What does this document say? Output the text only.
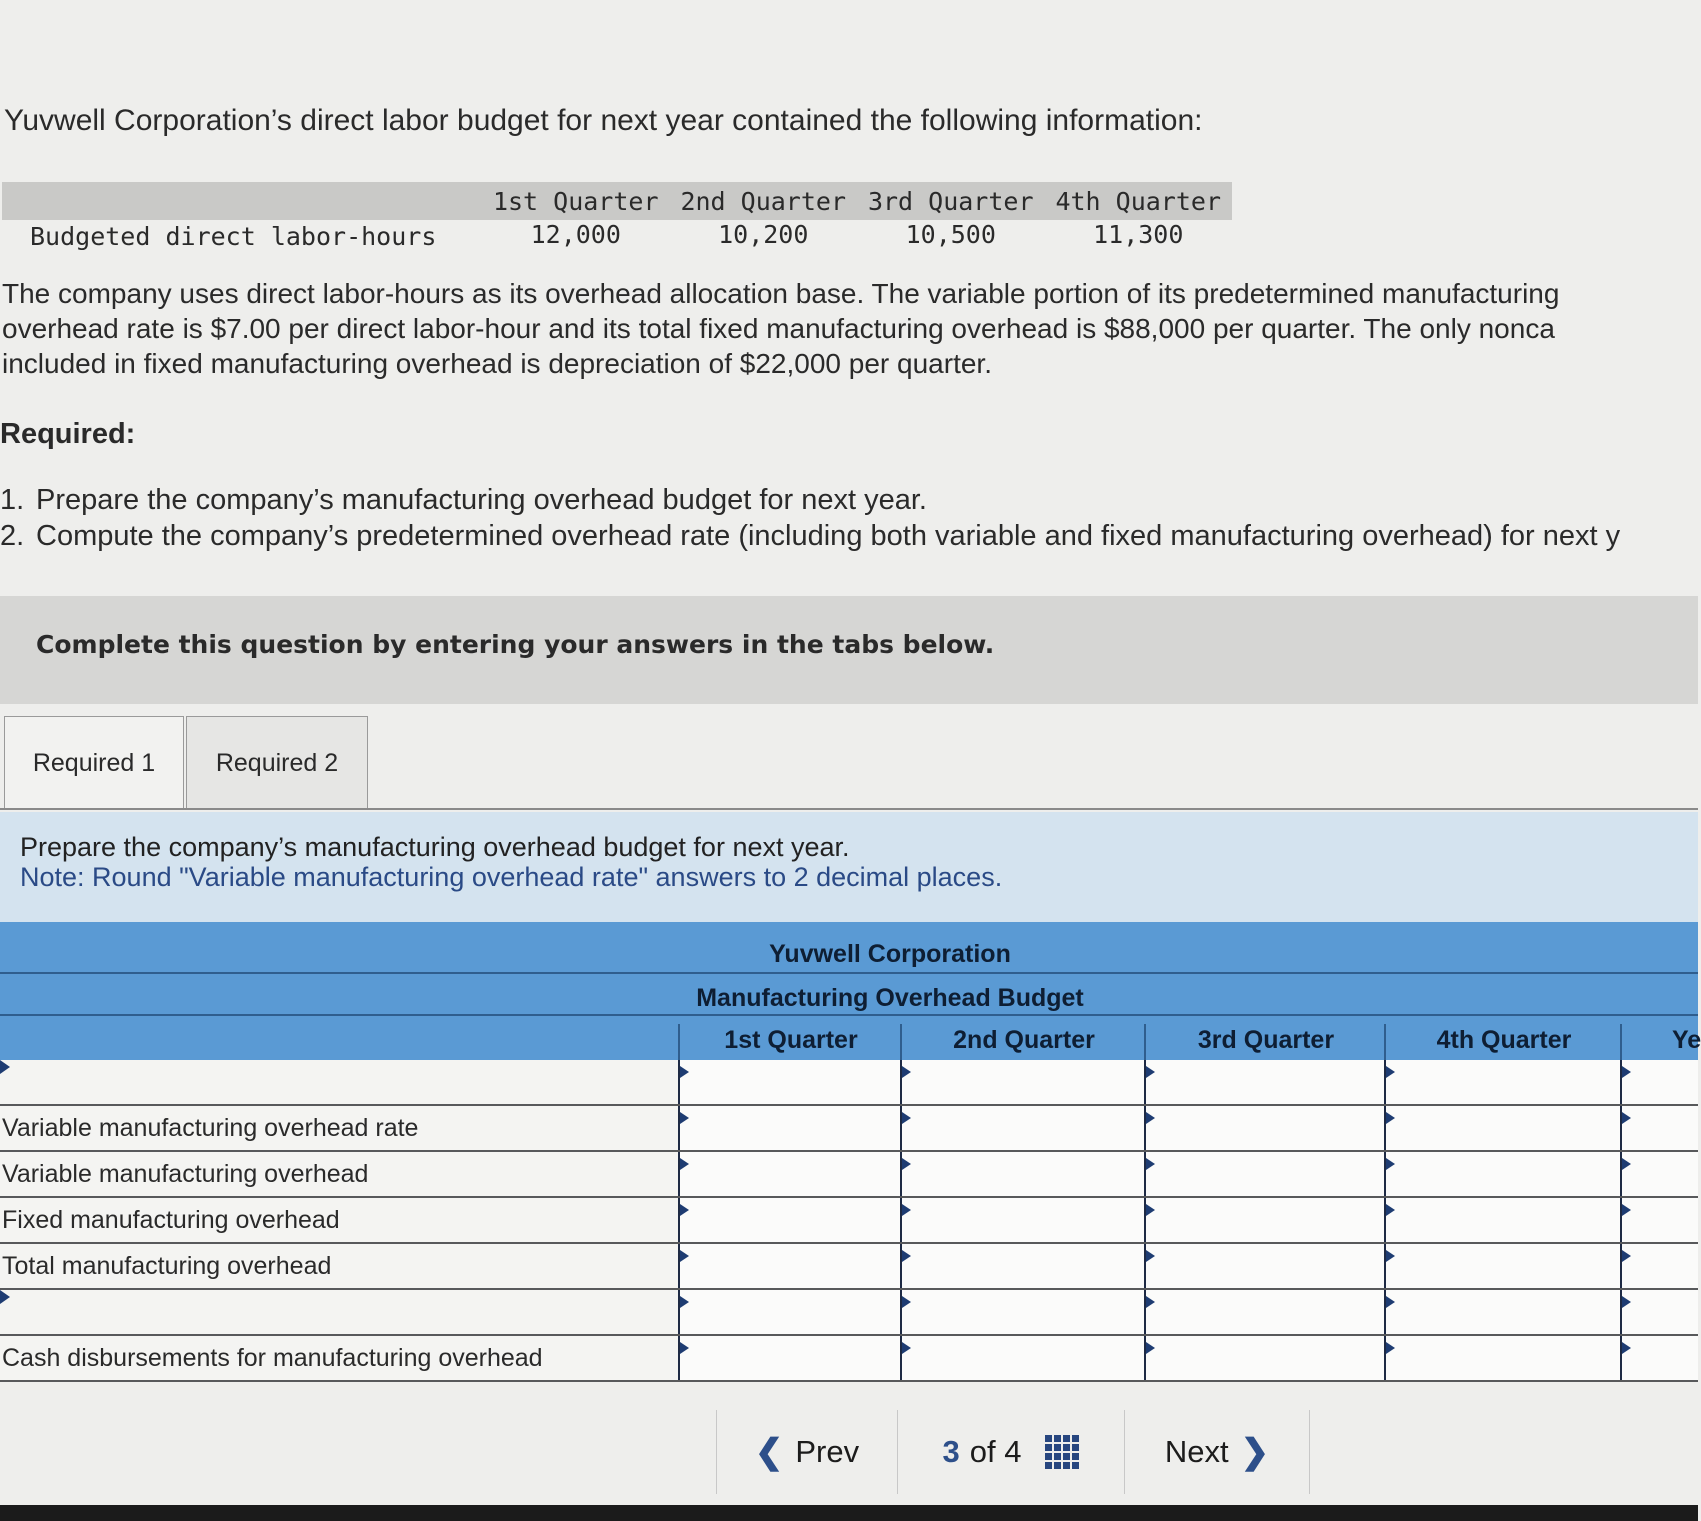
Yuvwell Corporation’s direct labor budget for next year contained the following information:

	1st Quarter	2nd Quarter	3rd Quarter	4th Quarter
Budgeted direct labor-hours	12,000	10,200	10,500	11,300

The company uses direct labor-hours as its overhead allocation base. The variable portion of its predetermined manufacturing
overhead rate is $7.00 per direct labor-hour and its total fixed manufacturing overhead is $88,000 per quarter. The only nonca
included in fixed manufacturing overhead is depreciation of $22,000 per quarter.

Required:

1. Prepare the company’s manufacturing overhead budget for next year.
2. Compute the company’s predetermined overhead rate (including both variable and fixed manufacturing overhead) for next y

Complete this question by entering your answers in the tabs below.

Required 1	Required 2

Prepare the company’s manufacturing overhead budget for next year.

Note: Round "Variable manufacturing overhead rate" answers to 2 decimal places.

Yuvwell Corporation
Manufacturing Overhead Budget
1st Quarter	2nd Quarter	3rd Quarter	4th Quarter	Ye
Variable manufacturing overhead rate
Variable manufacturing overhead
Fixed manufacturing overhead
Total manufacturing overhead
Cash disbursements for manufacturing overhead
❮ Prev	3 of 4	Next ❯
